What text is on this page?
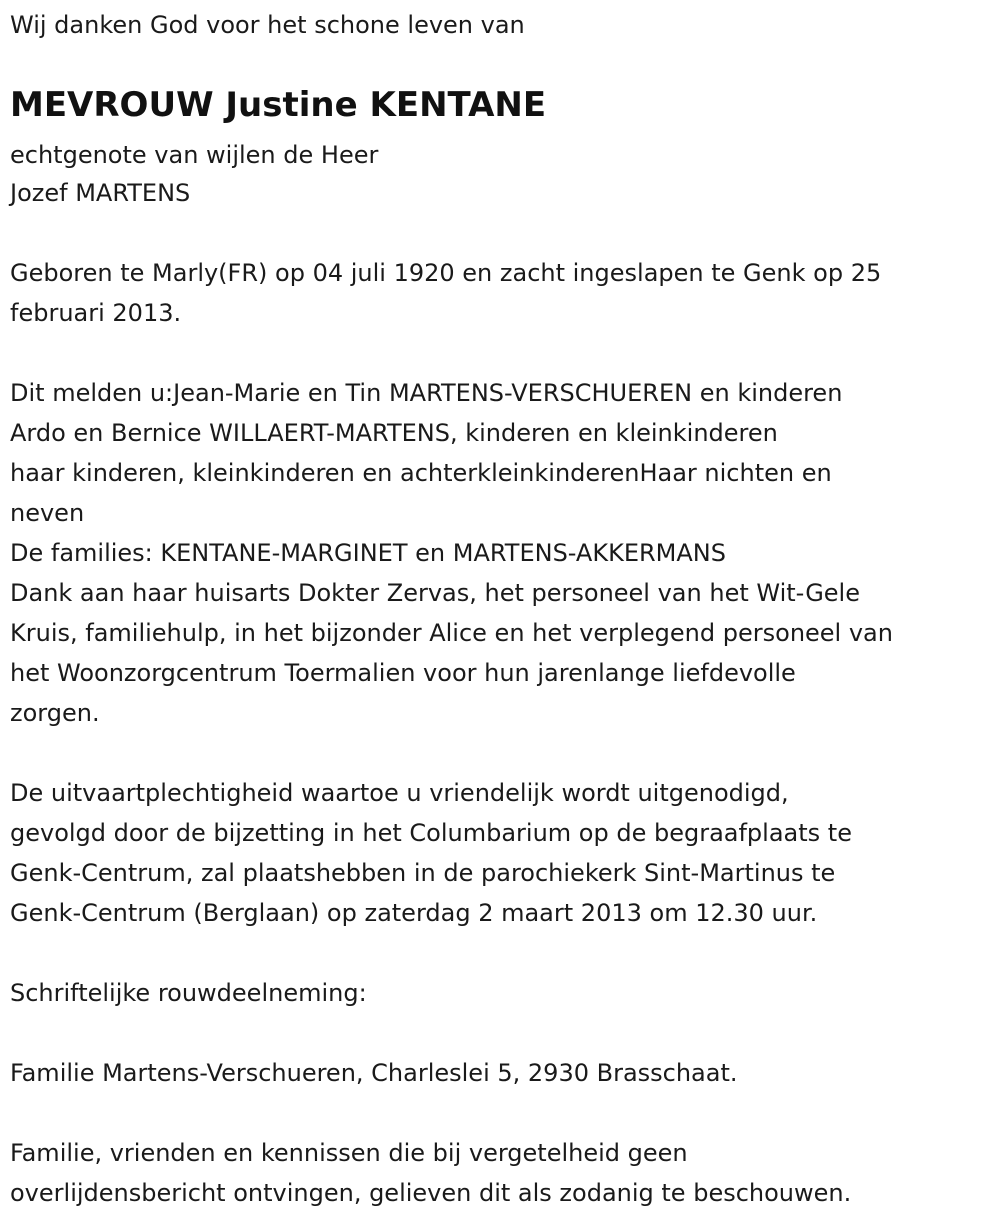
Wij danken God voor het schone leven van
MEVROUW Justine KENTANE
echtgenote van wijlen de Heer
Jozef MARTENS
Geboren te Marly(FR) op 04 juli 1920 en zacht ingeslapen te Genk op 25
februari 2013.
Dit melden u:Jean-Marie en Tin MARTENS-VERSCHUEREN en kinderen
Ardo en Bernice WILLAERT-MARTENS, kinderen en kleinkinderen
haar kinderen, kleinkinderen en achterkleinkinderenHaar nichten en
neven
De families: KENTANE-MARGINET en MARTENS-AKKERMANS
Dank aan haar huisarts Dokter Zervas, het personeel van het Wit-Gele
Kruis, familiehulp, in het bijzonder Alice en het verplegend personeel van
het Woonzorgcentrum Toermalien voor hun jarenlange liefdevolle
zorgen.
De uitvaartplechtigheid waartoe u vriendelijk wordt uitgenodigd,
gevolgd door de bijzetting in het Columbarium op de begraafplaats te
Genk-Centrum, zal plaatshebben in de parochiekerk Sint-Martinus te
Genk-Centrum (Berglaan) op zaterdag 2 maart 2013 om 12.30 uur.
Schriftelijke rouwdeelneming:
Familie Martens-Verschueren, Charleslei 5, 2930 Brasschaat.
Familie, vrienden en kennissen die bij vergetelheid geen
overlijdensbericht ontvingen, gelieven dit als zodanig te beschouwen.
